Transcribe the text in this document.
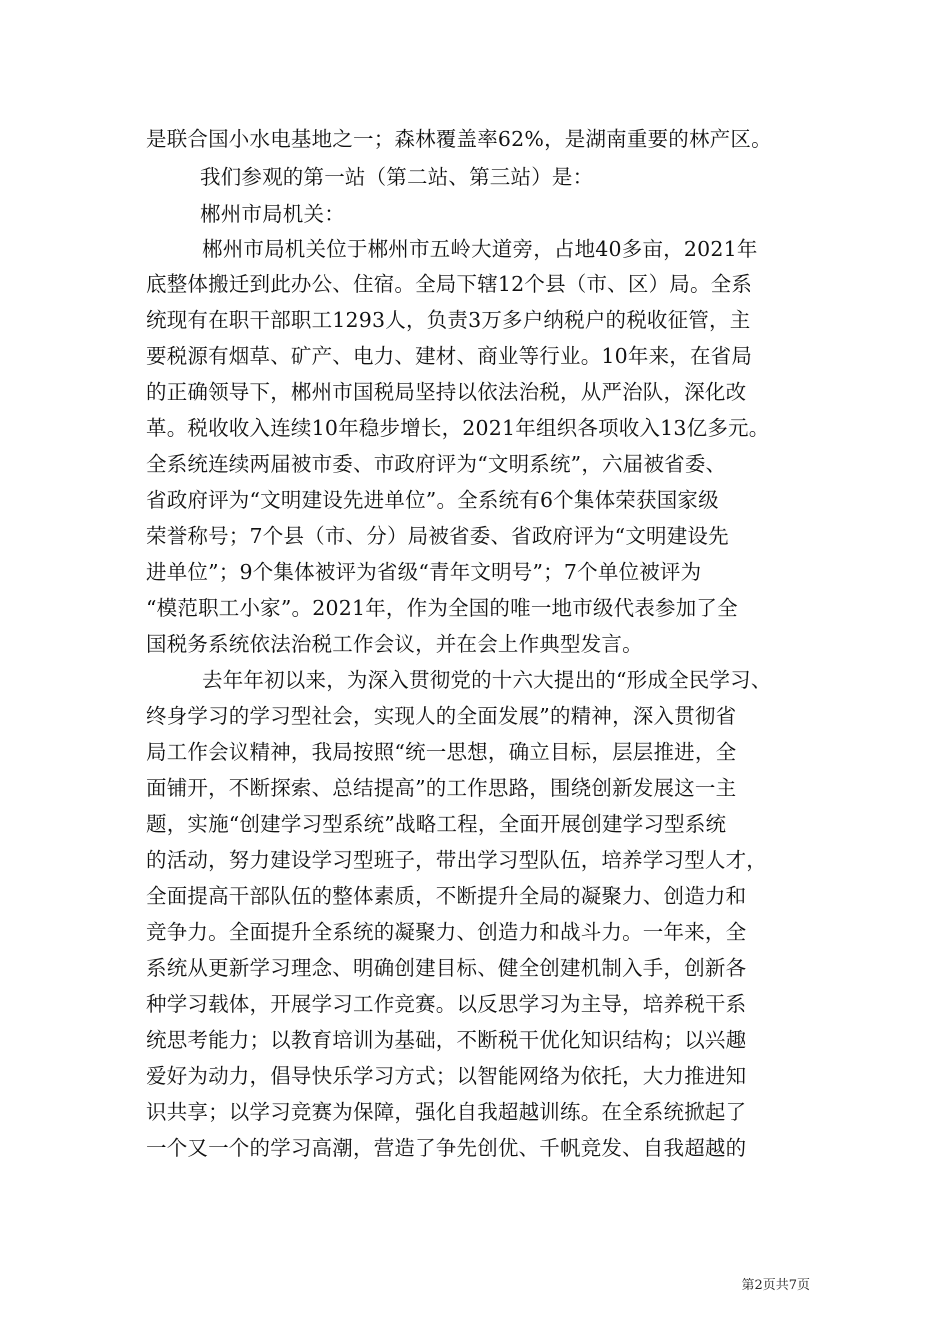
是联合国小水电基地之一；森林覆盖率62%，是湖南重要的林产区。
我们参观的第一站（第二站、第三站）是：
郴州市局机关：
郴州市局机关位于郴州市五岭大道旁，占地40多亩，2021年
底整体搬迁到此办公、住宿。全局下辖12个县（市、区）局。全系
统现有在职干部职工1293人，负责3万多户纳税户的税收征管，主
要税源有烟草、矿产、电力、建材、商业等行业。10年来，在省局
的正确领导下，郴州市国税局坚持以依法治税，从严治队，深化改
革。税收收入连续10年稳步增长，2021年组织各项收入13亿多元。
全系统连续两届被市委、市政府评为“文明系统”，六届被省委、
省政府评为“文明建设先进单位”。全系统有6个集体荣获国家级
荣誉称号；7个县（市、分）局被省委、省政府评为“文明建设先
进单位”；9个集体被评为省级“青年文明号”；7个单位被评为
“模范职工小家”。2021年，作为全国的唯一地市级代表参加了全
国税务系统依法治税工作会议，并在会上作典型发言。
去年年初以来，为深入贯彻党的十六大提出的“形成全民学习、
终身学习的学习型社会，实现人的全面发展”的精神，深入贯彻省
局工作会议精神，我局按照“统一思想，确立目标，层层推进，全
面铺开，不断探索、总结提高”的工作思路，围绕创新发展这一主
题，实施“创建学习型系统”战略工程，全面开展创建学习型系统
的活动，努力建设学习型班子，带出学习型队伍，培养学习型人才，
全面提高干部队伍的整体素质，不断提升全局的凝聚力、创造力和
竞争力。全面提升全系统的凝聚力、创造力和战斗力。一年来，全
系统从更新学习理念、明确创建目标、健全创建机制入手，创新各
种学习载体，开展学习工作竞赛。以反思学习为主导，培养税干系
统思考能力；以教育培训为基础，不断税干优化知识结构；以兴趣
爱好为动力，倡导快乐学习方式；以智能网络为依托，大力推进知
识共享；以学习竞赛为保障，强化自我超越训练。在全系统掀起了
一个又一个的学习高潮，营造了争先创优、千帆竞发、自我超越的
第2页共7页
